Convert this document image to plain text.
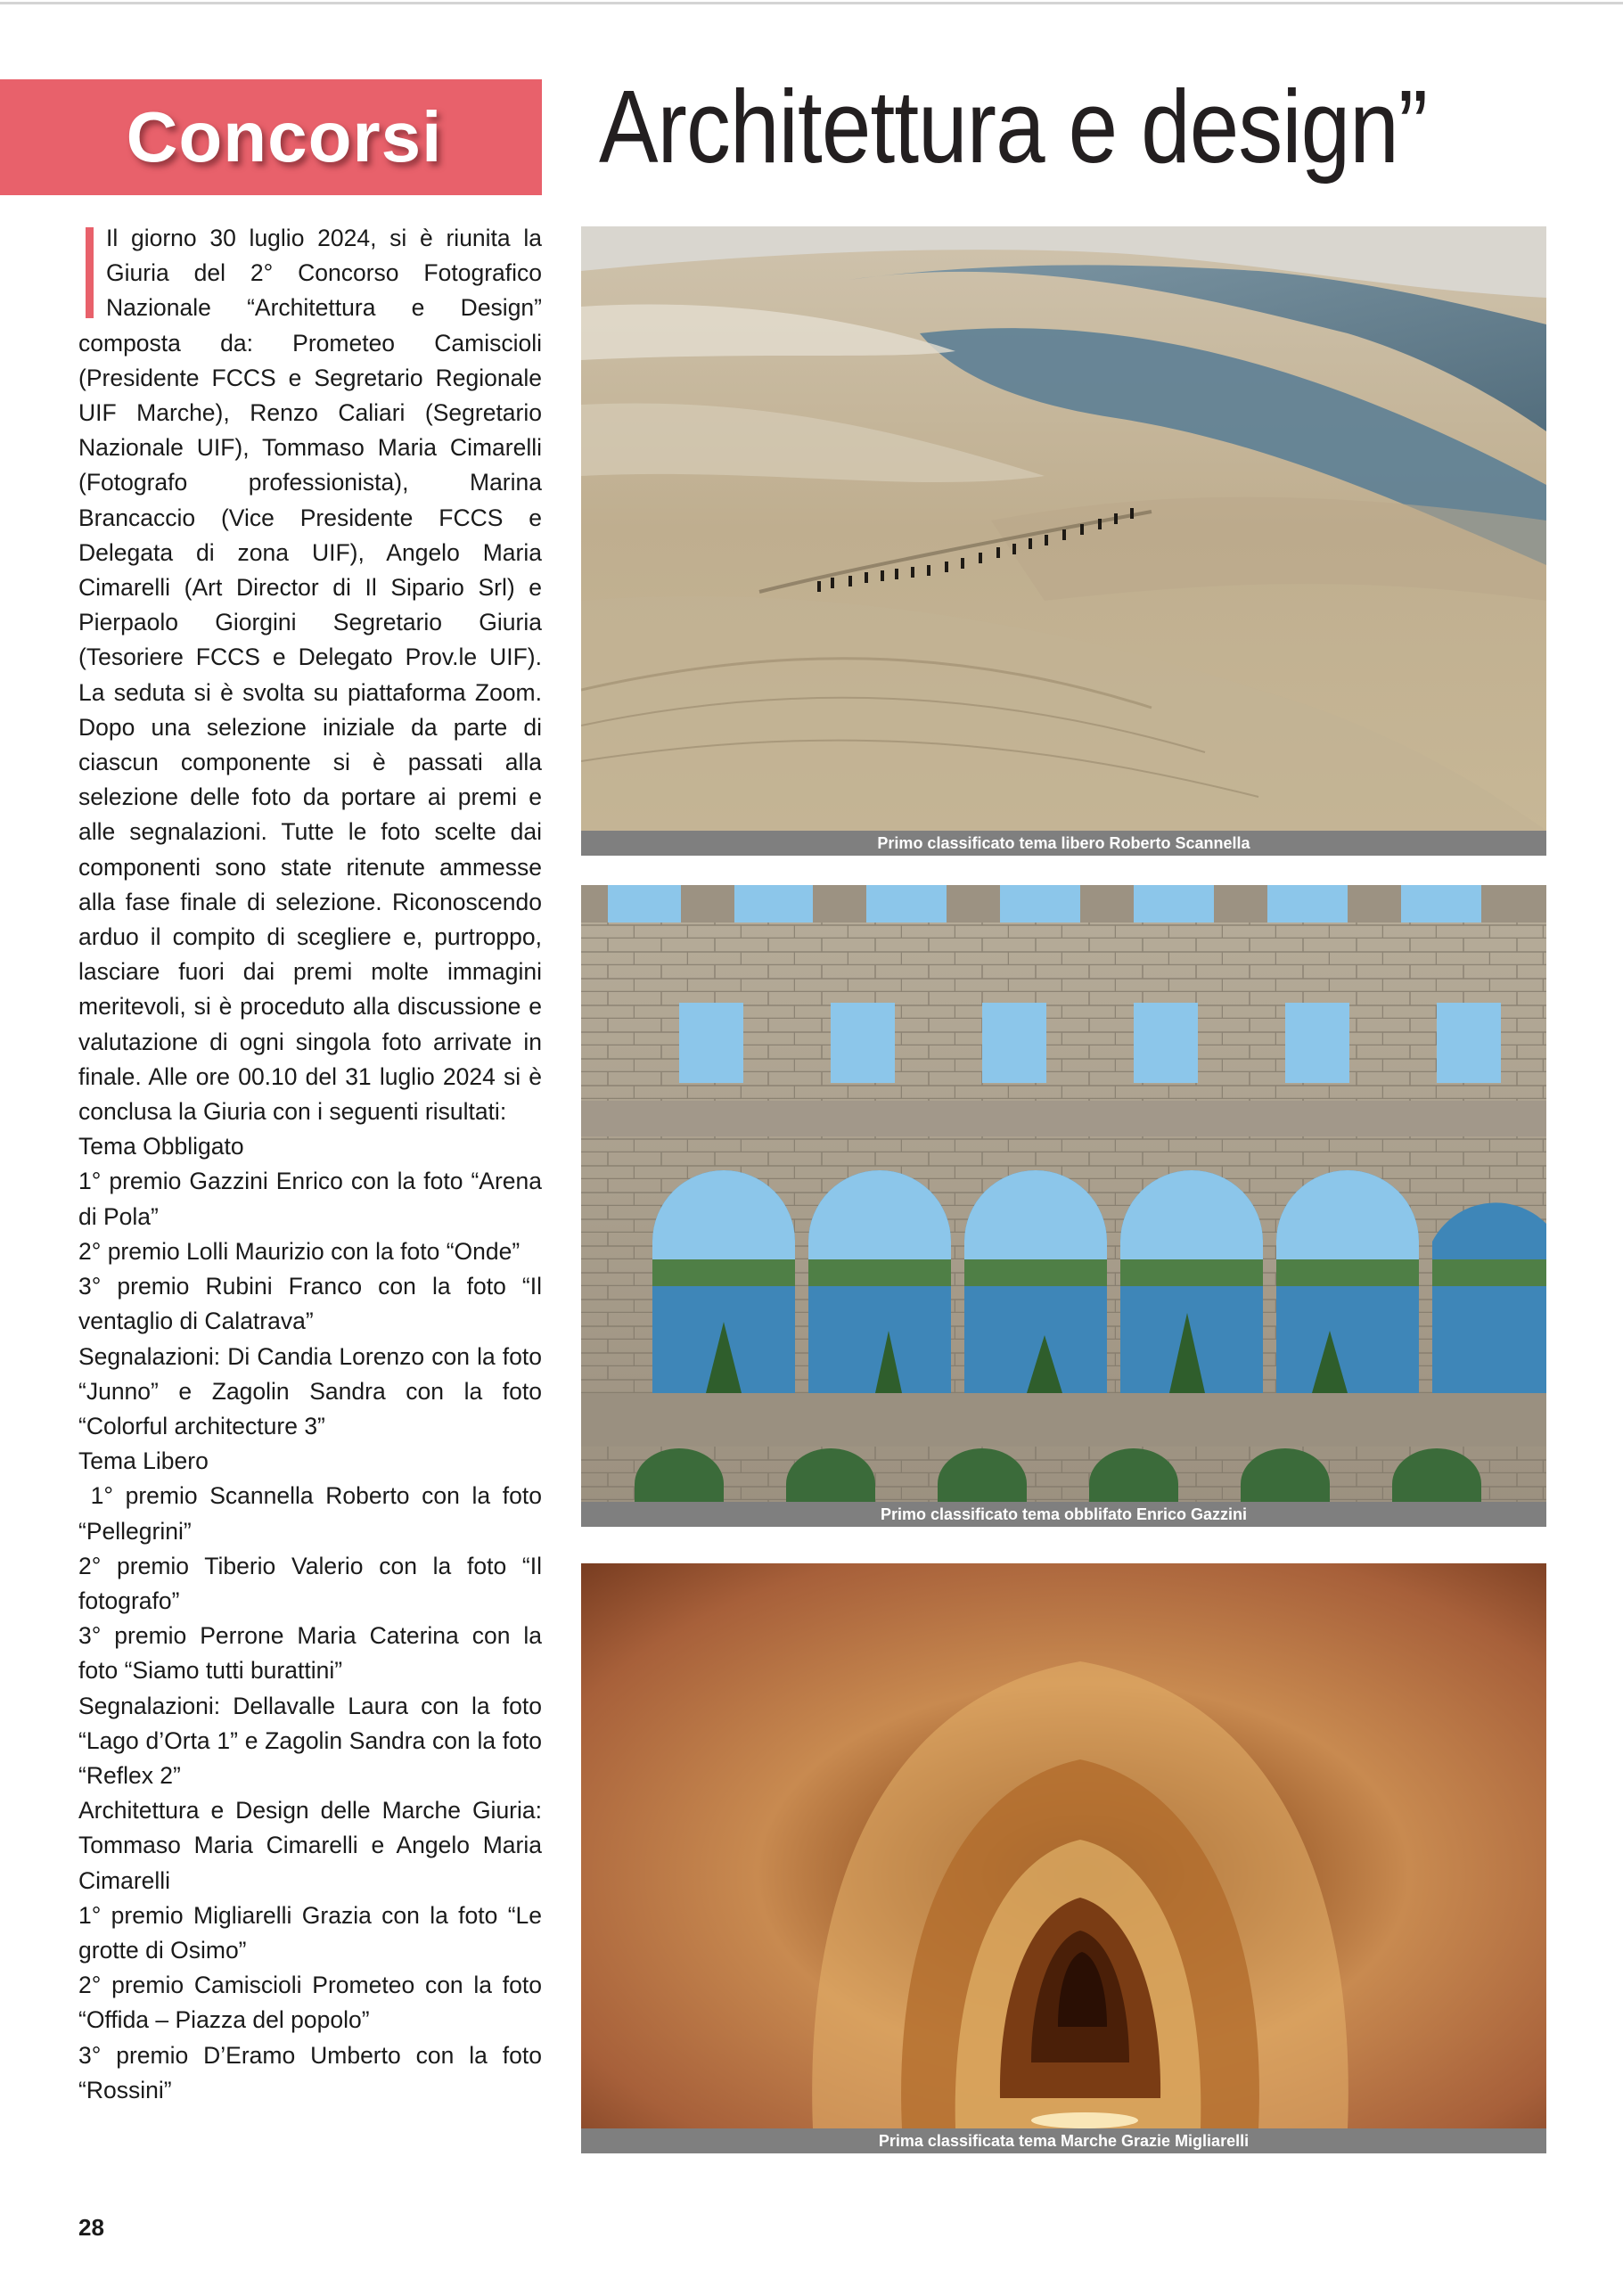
Concorsi Architettura e design”

Il giorno 30 luglio 2024, si è riunita la Giuria del 2° Concorso Fotografico Nazionale “Architettura e Design” composta da: Prometeo Camiscioli (Presidente FCCS e Segretario Regionale UIF Marche), Renzo Caliari (Segretario Nazionale UIF), Tommaso Maria Cimarelli (Fotografo professionista), Marina Brancaccio (Vice Presidente FCCS e Delegata di zona UIF), Angelo Maria Cimarelli (Art Director di Il Sipario Srl) e Pierpaolo Giorgini Segretario Giuria (Tesoriere FCCS e Delegato Prov.le UIF). La seduta si è svolta su piattaforma Zoom. Dopo una selezione iniziale da parte di ciascun componente si è passati alla selezione delle foto da portare ai premi e alle segnalazioni. Tutte le foto scelte dai componenti sono state ritenute ammesse alla fase finale di selezione. Riconoscendo arduo il compito di scegliere e, purtroppo, lasciare fuori dai premi molte immagini meritevoli, si è proceduto alla discussione e valutazione di ogni singola foto arrivate in finale. Alle ore 00.10 del 31 luglio 2024 si è conclusa la Giuria con i seguenti risultati:

Tema Obbligato

1° premio Gazzini Enrico con la foto “Arena di Pola”

2° premio Lolli Maurizio con la foto “Onde”

3° premio Rubini Franco con la foto “Il ventaglio di Calatrava”

Segnalazioni: Di Candia Lorenzo con la foto “Junno” e Zagolin Sandra con la foto “Colorful architecture 3”

Tema Libero

1° premio Scannella Roberto con la foto “Pellegrini”

2° premio Tiberio Valerio con la foto “Il fotografo”

3° premio Perrone Maria Caterina con la foto “Siamo tutti burattini”

Segnalazioni: Dellavalle Laura con la foto “Lago d’Orta 1” e Zagolin Sandra con la foto “Reflex 2”

Architettura e Design delle Marche Giuria: Tommaso Maria Cimarelli e Angelo Maria Cimarelli

1° premio Migliarelli Grazia con la foto “Le grotte di Osimo”

2° premio Camiscioli Prometeo con la foto “Offida – Piazza del popolo”

3° premio D’Eramo Umberto con la foto “Rossini”

Primo classificato tema libero Roberto Scannella
Primo classificato tema obblifato Enrico Gazzini
Prima classificata tema Marche Grazie Migliarelli
28
